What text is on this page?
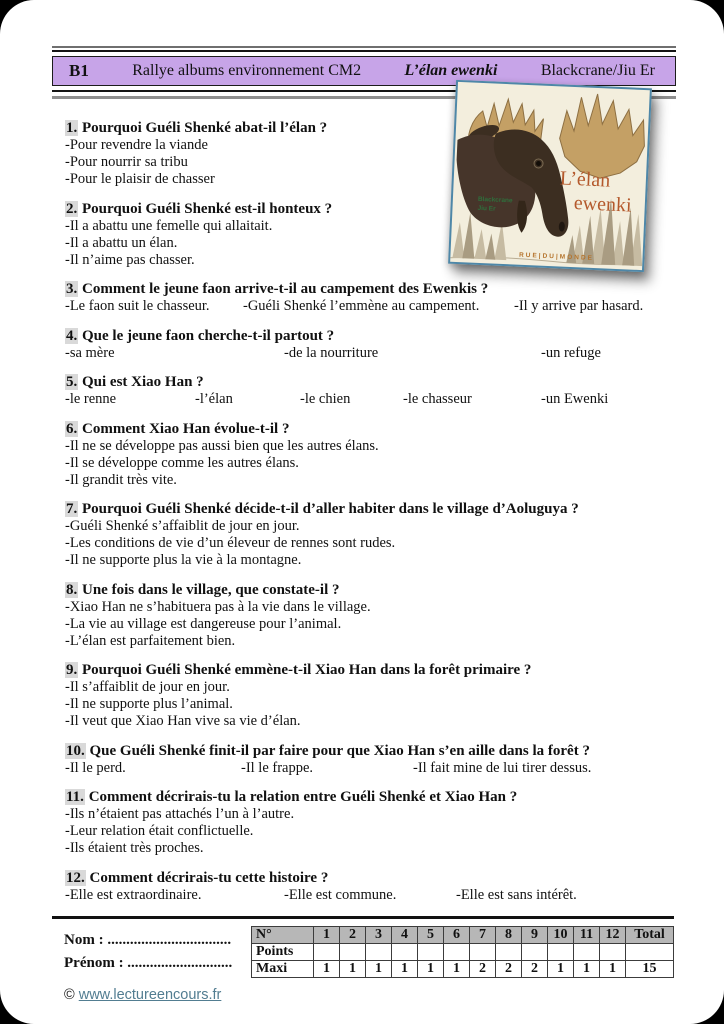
B1	Rallye albums environnement CM2	L’élan ewenki	Blackcrane/Jiu Er
L’élan
ewenki
Blackcrane
Jiu Er
RUE|DU|MONDE
1. Pourquoi Guéli Shenké abat-il l’élan ?
-Pour revendre la viande
-Pour nourrir sa tribu
-Pour le plaisir de chasser
2. Pourquoi Guéli Shenké est-il honteux ?
-Il a abattu une femelle qui allaitait.
-Il a abattu un élan.
-Il n’aime pas chasser.
3. Comment le jeune faon arrive-t-il au campement des Ewenkis ?
-Le faon suit le chasseur.	-Guéli Shenké l’emmène au campement.	-Il y arrive par hasard.
4. Que le jeune faon cherche-t-il partout ?
-sa mère	-de la nourriture	-un refuge
5. Qui est Xiao Han ?
-le renne	-l’élan	-le chien	-le chasseur	-un Ewenki
6. Comment Xiao Han évolue-t-il ?
-Il ne se développe pas aussi bien que les autres élans.
-Il se développe comme les autres élans.
-Il grandit très vite.
7. Pourquoi Guéli Shenké décide-t-il d’aller habiter dans le village d’Aoluguya ?
-Guéli Shenké s’affaiblit de jour en jour.
-Les conditions de vie d’un éleveur de rennes sont rudes.
-Il ne supporte plus la vie à la montagne.
8. Une fois dans le village, que constate-il ?
-Xiao Han ne s’habituera pas à la vie dans le village.
-La vie au village est dangereuse pour l’animal.
-L’élan est parfaitement bien.
9. Pourquoi Guéli Shenké emmène-t-il Xiao Han dans la forêt primaire ?
-Il s’affaiblit de jour en jour.
-Il ne supporte plus l’animal.
-Il veut que Xiao Han vive sa vie d’élan.
10. Que Guéli Shenké finit-il par faire pour que Xiao Han s’en aille dans la forêt ?
-Il le perd.	-Il le frappe.	-Il fait mine de lui tirer dessus.
11. Comment décrirais-tu la relation entre Guéli Shenké et Xiao Han ?
-Ils n’étaient pas attachés l’un à l’autre.
-Leur relation était conflictuelle.
-Ils étaient très proches.
12. Comment décrirais-tu cette histoire ?
-Elle est extraordinaire.	-Elle est commune.	-Elle est sans intérêt.
Nom : .................................
Prénom : ............................
N°	1	2	3	4	5	6	7	8	9	10	11	12	Total
Points													
Maxi	1	1	1	1	1	1	2	2	2	1	1	1	15
© www.lectureencours.fr
